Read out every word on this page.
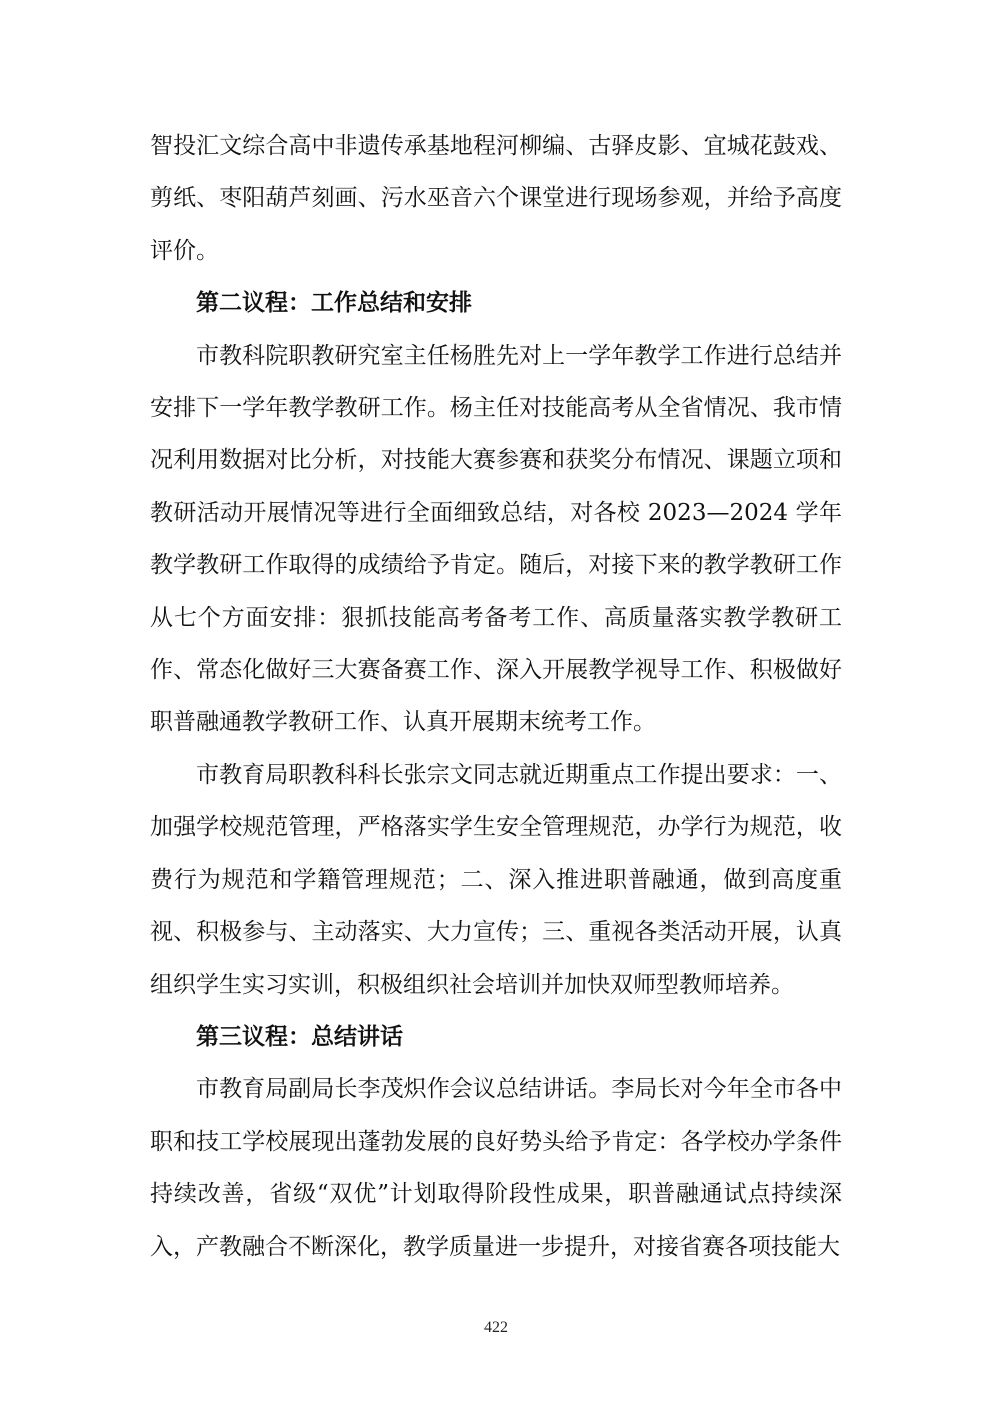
智投汇文综合高中非遗传承基地程河柳编、古驿皮影、宜城花鼓戏、剪纸、枣阳葫芦刻画、污水巫音六个课堂进行现场参观，并给予高度评价。

第二议程：工作总结和安排

市教科院职教研究室主任杨胜先对上一学年教学工作进行总结并安排下一学年教学教研工作。杨主任对技能高考从全省情况、我市情况利用数据对比分析，对技能大赛参赛和获奖分布情况、课题立项和教研活动开展情况等进行全面细致总结，对各校 2023—2024 学年教学教研工作取得的成绩给予肯定。随后，对接下来的教学教研工作从七个方面安排：狠抓技能高考备考工作、高质量落实教学教研工作、常态化做好三大赛备赛工作、深入开展教学视导工作、积极做好职普融通教学教研工作、认真开展期末统考工作。

市教育局职教科科长张宗文同志就近期重点工作提出要求：一、加强学校规范管理，严格落实学生安全管理规范，办学行为规范，收费行为规范和学籍管理规范；二、深入推进职普融通，做到高度重视、积极参与、主动落实、大力宣传；三、重视各类活动开展，认真组织学生实习实训，积极组织社会培训并加快双师型教师培养。

第三议程：总结讲话

市教育局副局长李茂炽作会议总结讲话。李局长对今年全市各中职和技工学校展现出蓬勃发展的良好势头给予肯定：各学校办学条件持续改善，省级“双优”计划取得阶段性成果，职普融通试点持续深入，产教融合不断深化，教学质量进一步提升，对接省赛各项技能大

422
